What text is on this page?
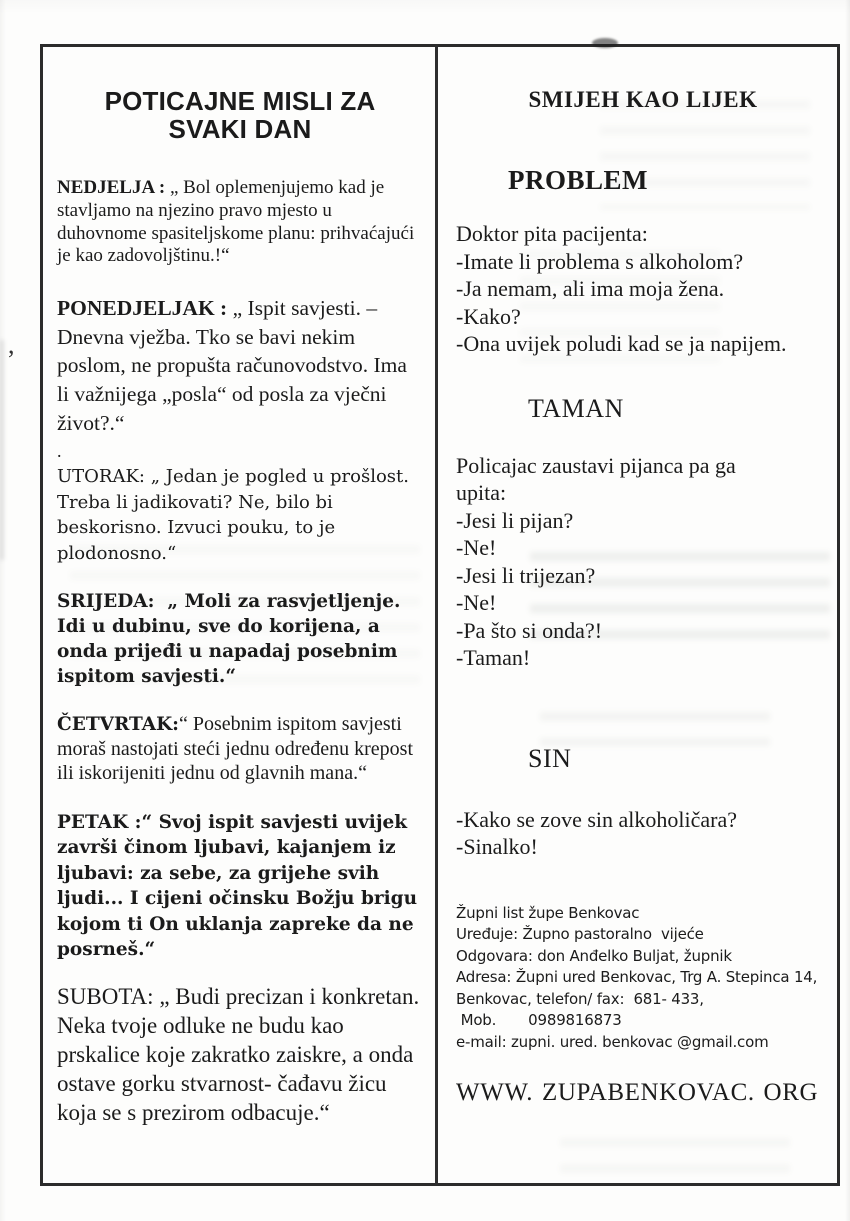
,
POTICAJNE MISLI ZA
SVAKI DAN

NEDJELJA : „ Bol oplemenjujemo kad je stavljamo na njezino pravo mjesto u duhovnome spasiteljskome planu: prihvaćajući je kao zadovoljštinu.!“

PONEDJELJAK : „ Ispit savjesti. – Dnevna vježba. Tko se bavi nekim poslom, ne propušta računovodstvo. Ima li važnijega „posla“ od posla za vječni život?.“

.

UTORAK: „ Jedan je pogled u prošlost. Treba li jadikovati? Ne, bilo bi beskorisno. Izvuci pouku, to je plodonosno.“

SRIJEDA:  „ Moli za rasvjetljenje. Idi u dubinu, sve do korijena, a onda prijeđi u napadaj posebnim ispitom savjesti.“

ČETVRTAK:“ Posebnim ispitom savjesti moraš nastojati steći jednu određenu krepost ili iskorijeniti jednu od glavnih mana.“

PETAK :“ Svoj ispit savjesti uvijek završi činom ljubavi, kajanjem iz ljubavi: za sebe, za grijehe svih ljudi... I cijeni očinsku Božju brigu kojom ti On uklanja zapreke da ne posrneš.“

SUBOTA: „ Budi precizan i konkretan. Neka tvoje odluke ne budu kao prskalice koje zakratko zaiskre, a onda ostave gorku stvarnost- čađavu žicu koja se s prezirom odbacuje.“

SMIJEH KAO LIJEK
PROBLEM
Doktor pita pacijenta:
-Imate li problema s alkoholom?
-Ja nemam, ali ima moja žena.
-Kako?
-Ona uvijek poludi kad se ja napijem.
TAMAN
Policajac zaustavi pijanca pa ga
upita:
-Jesi li pijan?
-Ne!
-Jesi li trijezan?
-Ne!
-Pa što si onda?!
-Taman!
SIN
-Kako se zove sin alkoholičara?
-Sinalko!
Župni list župe Benkovac
Uređuje: Župno pastoralno  vijeće
Odgovara: don Anđelko Buljat, župnik
Adresa: Župni ured Benkovac, Trg A. Stepinca 14,
Benkovac, telefon/ fax:  681- 433,
Mob.       0989816873
e-mail: zupni. ured. benkovac @gmail.com
WWW. ZUPABENKOVAC. ORG
